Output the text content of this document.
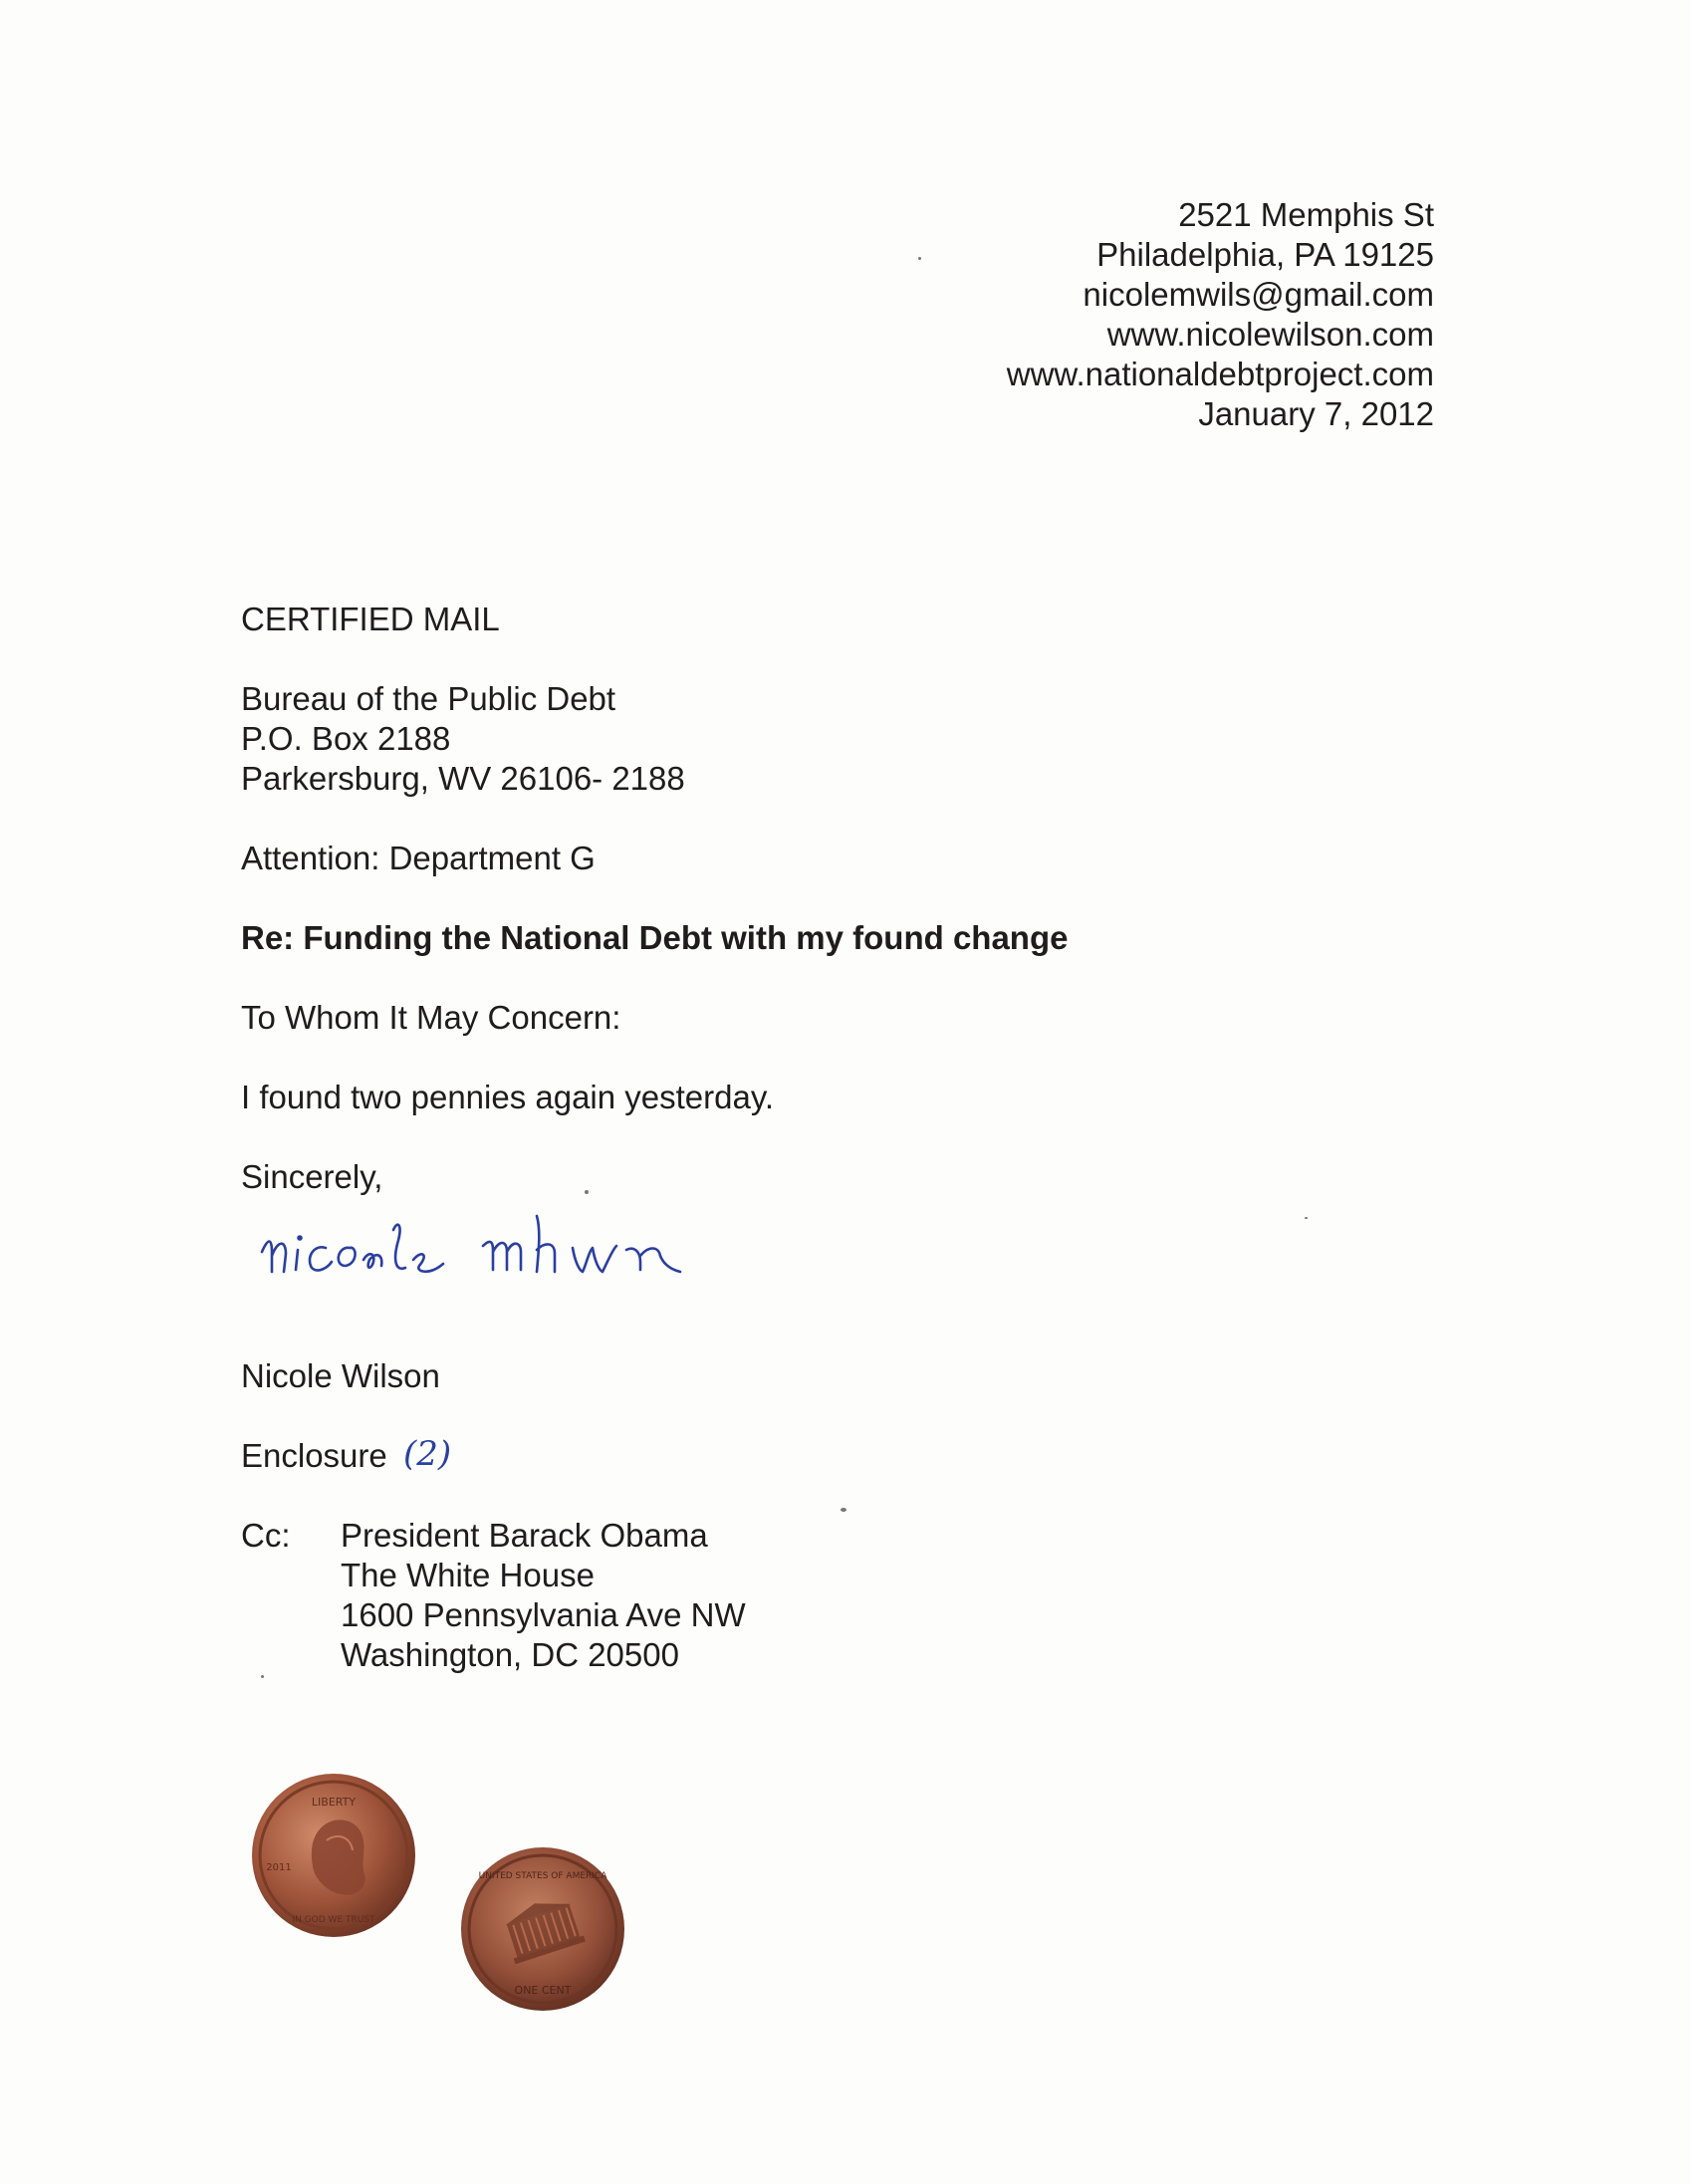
2521 Memphis St
Philadelphia, PA 19125
nicolemwils@gmail.com
www.nicolewilson.com
www.nationaldebtproject.com
January 7, 2012
CERTIFIED MAIL
Bureau of the Public Debt
P.O. Box 2188
Parkersburg, WV 26106- 2188
Attention: Department G
Re: Funding the National Debt with my found change
To Whom It May Concern:
I found two pennies again yesterday.
Sincerely,
Nicole Wilson
Enclosure (2)
Cc: President Barack Obama
The White House
1600 Pennsylvania Ave NW
Washington, DC 20500
LIBERTY
IN GOD WE TRUST
2011
UNITED STATES OF AMERICA
ONE CENT
